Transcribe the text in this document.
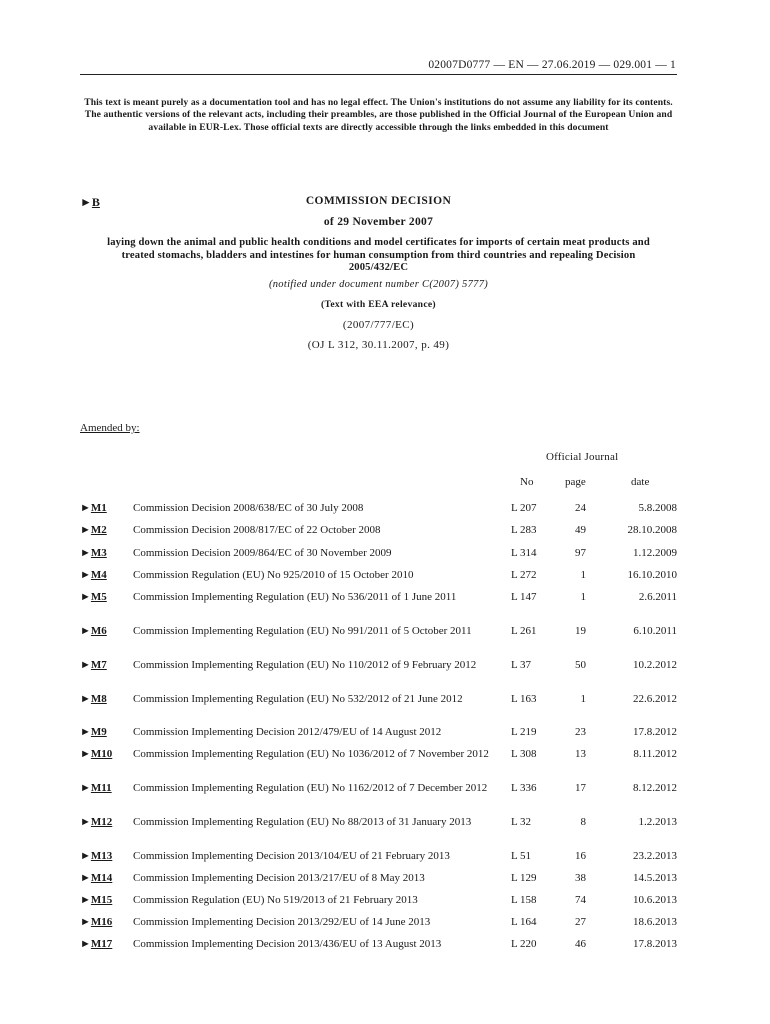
02007D0777 — EN — 27.06.2019 — 029.001 — 1
This text is meant purely as a documentation tool and has no legal effect. The Union's institutions do not assume any liability for its contents. The authentic versions of the relevant acts, including their preambles, are those published in the Official Journal of the European Union and available in EUR-Lex. Those official texts are directly accessible through the links embedded in this document
COMMISSION DECISION
of 29 November 2007
laying down the animal and public health conditions and model certificates for imports of certain meat products and treated stomachs, bladders and intestines for human consumption from third countries and repealing Decision 2005/432/EC
(notified under document number C(2007) 5777)
(Text with EEA relevance)
(2007/777/EC)
(OJ L 312, 30.11.2007, p. 49)
►B
Amended by:
Official Journal
No	page	date
►M1 Commission Decision 2008/638/EC of 30 July 2008	L 207	24	5.8.2008
►M2 Commission Decision 2008/817/EC of 22 October 2008	L 283	49	28.10.2008
►M3 Commission Decision 2009/864/EC of 30 November 2009	L 314	97	1.12.2009
►M4 Commission Regulation (EU) No 925/2010 of 15 October 2010	L 272	1	16.10.2010
►M5 Commission Implementing Regulation (EU) No 536/2011 of 1 June 2011	L 147	1	2.6.2011
►M6 Commission Implementing Regulation (EU) No 991/2011 of 5 October 2011	L 261	19	6.10.2011
►M7 Commission Implementing Regulation (EU) No 110/2012 of 9 February 2012	L 37	50	10.2.2012
►M8 Commission Implementing Regulation (EU) No 532/2012 of 21 June 2012	L 163	1	22.6.2012
►M9 Commission Implementing Decision 2012/479/EU of 14 August 2012	L 219	23	17.8.2012
►M10 Commission Implementing Regulation (EU) No 1036/2012 of 7 November 2012	L 308	13	8.11.2012
►M11 Commission Implementing Regulation (EU) No 1162/2012 of 7 December 2012	L 336	17	8.12.2012
►M12 Commission Implementing Regulation (EU) No 88/2013 of 31 January 2013	L 32	8	1.2.2013
►M13 Commission Implementing Decision 2013/104/EU of 21 February 2013	L 51	16	23.2.2013
►M14 Commission Implementing Decision 2013/217/EU of 8 May 2013	L 129	38	14.5.2013
►M15 Commission Regulation (EU) No 519/2013 of 21 February 2013	L 158	74	10.6.2013
►M16 Commission Implementing Decision 2013/292/EU of 14 June 2013	L 164	27	18.6.2013
►M17 Commission Implementing Decision 2013/436/EU of 13 August 2013	L 220	46	17.8.2013
